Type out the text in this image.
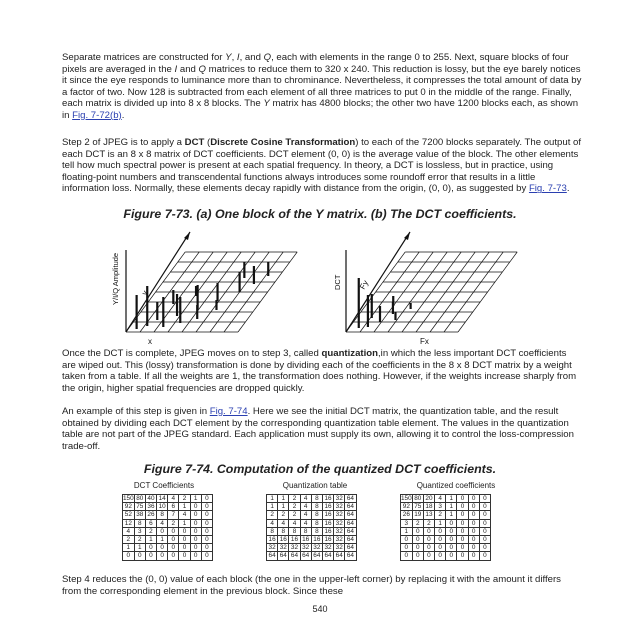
Separate matrices are constructed for Y, I, and Q, each with elements in the range 0 to 255. Next, square blocks of four pixels are averaged in the I and Q matrices to reduce them to 320 x 240. This reduction is lossy, but the eye barely notices it since the eye responds to luminance more than to chrominance. Nevertheless, it compresses the total amount of data by a factor of two. Now 128 is subtracted from each element of all three matrices to put 0 in the middle of the range. Finally, each matrix is divided up into 8 x 8 blocks. The Y matrix has 4800 blocks; the other two have 1200 blocks each, as shown in Fig. 7-72(b).

Step 2 of JPEG is to apply a DCT (Discrete Cosine Transformation) to each of the 7200 blocks separately. The output of each DCT is an 8 x 8 matrix of DCT coefficients. DCT element (0, 0) is the average value of the block. The other elements tell how much spectral power is present at each spatial frequency. In theory, a DCT is lossless, but in practice, using floating-point numbers and transcendental functions always introduces some roundoff error that results in a little information loss. Normally, these elements decay rapidly with distance from the origin, (0, 0), as suggested by Fig. 7-73.

Figure 7-73. (a) One block of the Y matrix. (b) The DCT coefficients.

Y/I/Q Amplitude y
x
DCT Fy
Fx

Once the DCT is complete, JPEG moves on to step 3, called quantization,in which the less important DCT coefficients are wiped out. This (lossy) transformation is done by dividing each of the coefficients in the 8 x 8 DCT matrix by a weight taken from a table. If all the weights are 1, the transformation does nothing. However, if the weights increase sharply from the origin, higher spatial frequencies are dropped quickly.

An example of this step is given in Fig. 7-74. Here we see the initial DCT matrix, the quantization table, and the result obtained by dividing each DCT element by the corresponding quantization table element. The values in the quantization table are not part of the JPEG standard. Each application must supply its own, allowing it to control the loss-compression trade-off.

Figure 7-74. Computation of the quantized DCT coefficients.

DCT Coefficients
150	80	40	14	4	2	1	0
92	75	36	10	6	1	0	0
52	38	26	8	7	4	0	0
12	8	6	4	2	1	0	0
4	3	2	0	0	0	0	0
2	2	1	1	0	0	0	0
1	1	0	0	0	0	0	0
0	0	0	0	0	0	0	0
Quantization table
1	1	2	4	8	16	32	64
1	1	2	4	8	16	32	64
2	2	2	4	8	16	32	64
4	4	4	4	8	16	32	64
8	8	8	8	8	16	32	64
16	16	16	16	16	16	32	64
32	32	32	32	32	32	32	64
64	64	64	64	64	64	64	64
Quantized coefficients
150	80	20	4	1	0	0	0
92	75	18	3	1	0	0	0
26	19	13	2	1	0	0	0
3	2	2	1	0	0	0	0
1	0	0	0	0	0	0	0
0	0	0	0	0	0	0	0
0	0	0	0	0	0	0	0
0	0	0	0	0	0	0	0

Step 4 reduces the (0, 0) value of each block (the one in the upper-left corner) by replacing it with the amount it differs from the corresponding element in the previous block. Since these

540
